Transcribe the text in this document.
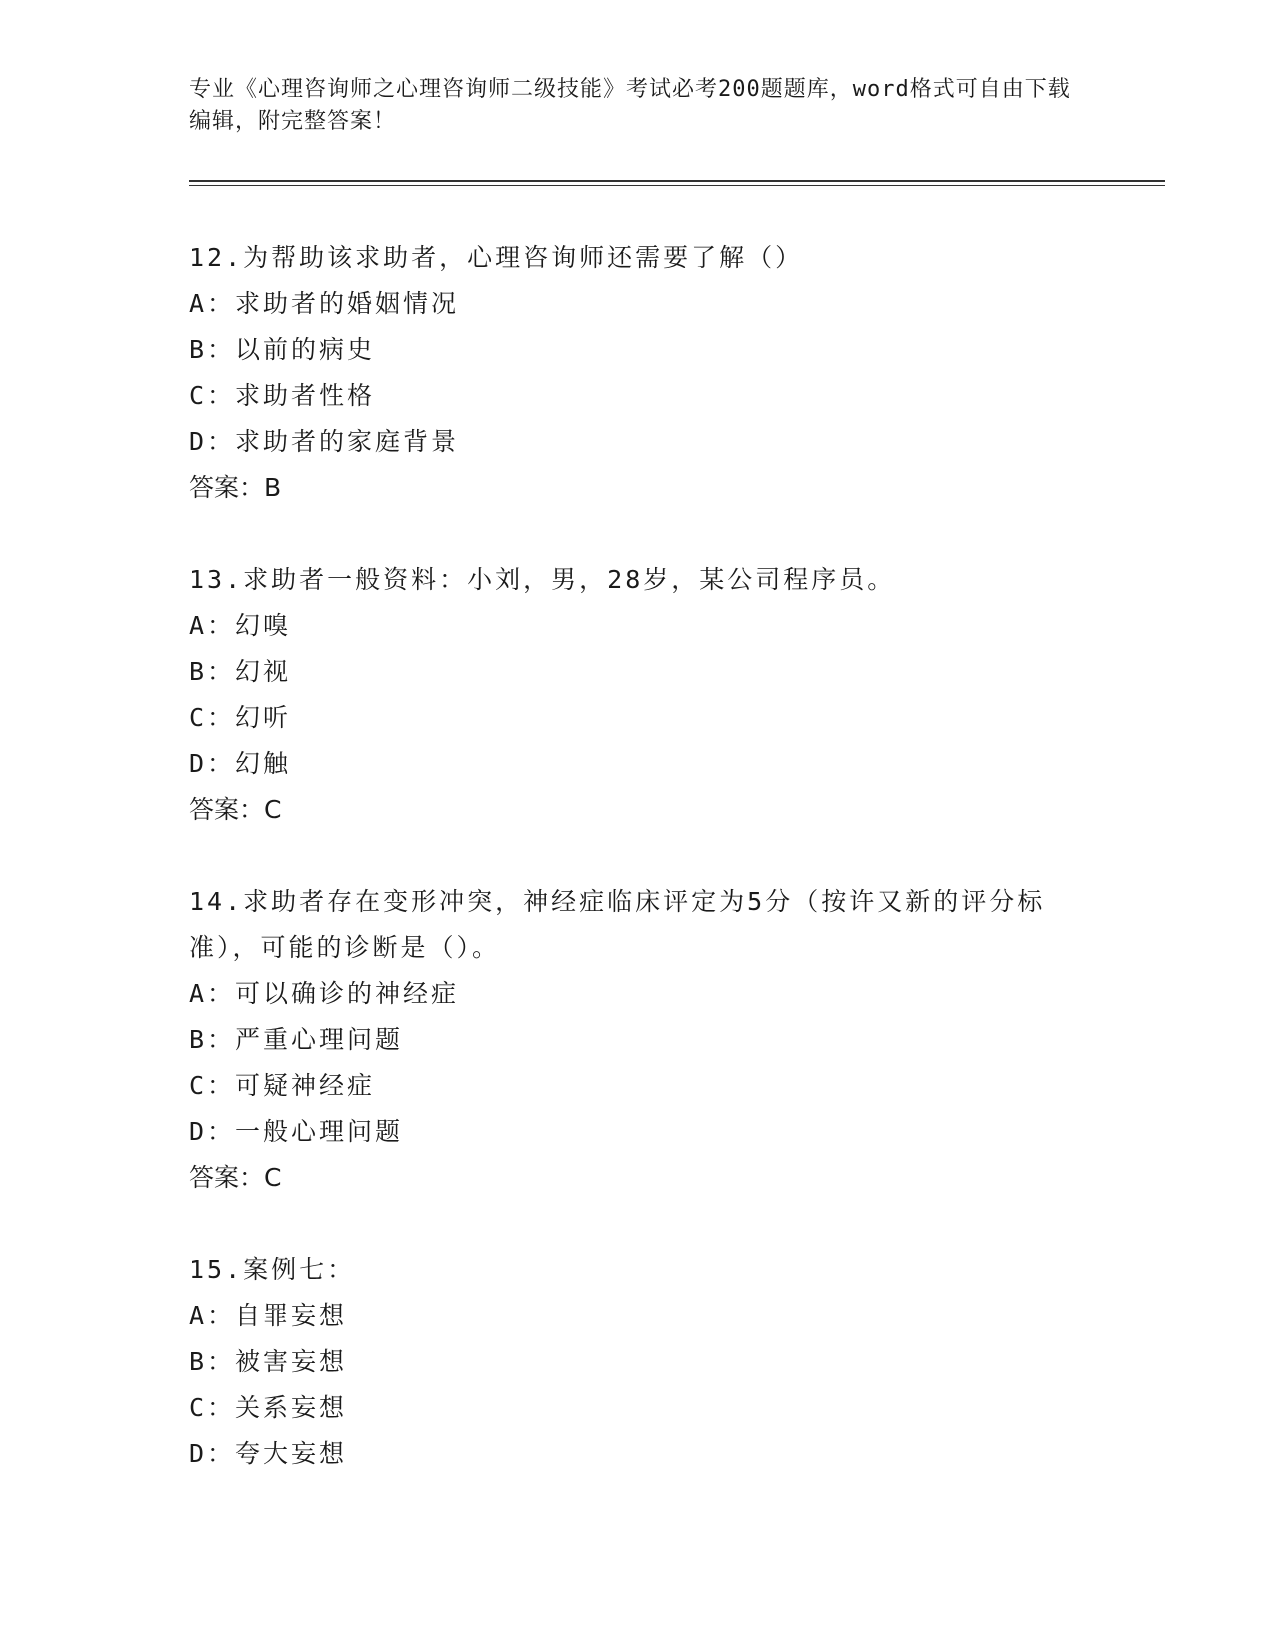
专业《心理咨询师之心理咨询师二级技能》考试必考200题题库，word格式可自由下载编辑，附完整答案！

12.为帮助该求助者，心理咨询师还需要了解（）

A：求助者的婚姻情况

B：以前的病史

C：求助者性格

D：求助者的家庭背景

答案：B

13.求助者一般资料：小刘，男，28岁，某公司程序员。

A：幻嗅

B：幻视

C：幻听

D：幻触

答案：C

14.求助者存在变形冲突，神经症临床评定为5分（按许又新的评分标准），可能的诊断是（）。

A：可以确诊的神经症

B：严重心理问题

C：可疑神经症

D：一般心理问题

答案：C

15.案例七：

A：自罪妄想

B：被害妄想

C：关系妄想

D：夸大妄想
